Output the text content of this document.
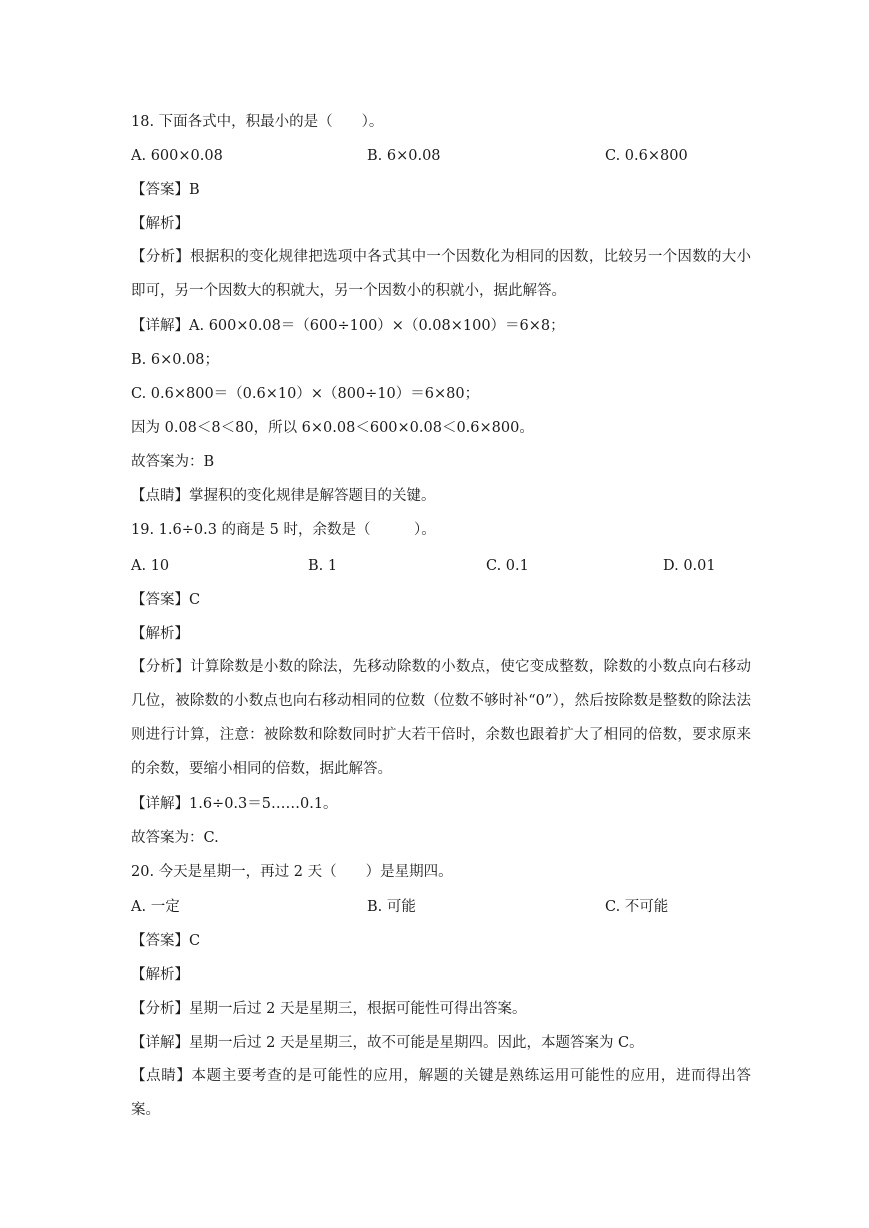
18. 下面各式中，积最小的是（　　）。
A. 600×0.08	B. 6×0.08	C. 0.6×800
【答案】B
【解析】
【分析】根据积的变化规律把选项中各式其中一个因数化为相同的因数，比较另一个因数的大小即可，另一个因数大的积就大，另一个因数小的积就小，据此解答。
【详解】A. 600×0.08＝（600÷100）×（0.08×100）＝6×8；
B. 6×0.08；
C. 0.6×800＝（0.6×10）×（800÷10）＝6×80；
因为 0.08＜8＜80，所以 6×0.08＜600×0.08＜0.6×800。
故答案为：B
【点睛】掌握积的变化规律是解答题目的关键。
19. 1.6÷0.3 的商是 5 时，余数是（　　　）。
A. 10	B. 1	C. 0.1	D. 0.01
【答案】C
【解析】
【分析】计算除数是小数的除法，先移动除数的小数点，使它变成整数，除数的小数点向右移动几位，被除数的小数点也向右移动相同的位数（位数不够时补“0”），然后按除数是整数的除法法则进行计算，注意：被除数和除数同时扩大若干倍时，余数也跟着扩大了相同的倍数，要求原来的余数，要缩小相同的倍数，据此解答。
【详解】1.6÷0.3＝5……0.1。
故答案为：C.
20. 今天是星期一，再过 2 天（　　）是星期四。
A. 一定	B. 可能	C. 不可能
【答案】C
【解析】
【分析】星期一后过 2 天是星期三，根据可能性可得出答案。
【详解】星期一后过 2 天是星期三，故不可能是星期四。因此，本题答案为 C。
【点睛】本题主要考查的是可能性的应用，解题的关键是熟练运用可能性的应用，进而得出答案。
